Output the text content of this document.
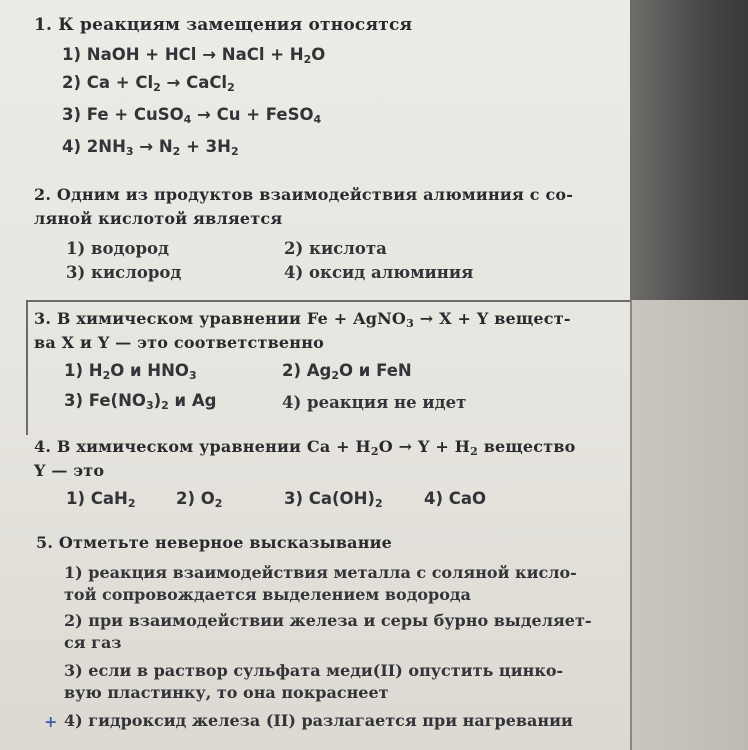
1. К реакциям замещения относятся
1) NaOH + HCl → NaCl + $H_2O$
2) $Ca + Cl_2$ → CaCl$_2$
3) Fe + CuSO$_4$ → Cu + FeSO$_4$
4) $2NH_3 \to N_2 + 3H_2$
2. Одним из продуктов взаимодействия алюминия с со-
ляной кислотой является
1) водород	2) кислота
3) кислород	4) оксид алюминия
3. В химическом уравнении Fe + AgNO$_3$ → X + Y вещест-
ва X и Y — это соответственно
1) $H_2O$ и $HNO_3$	2) $Ag_2O$ и FeN
3) $Fe(NO_3)_2$ и Ag	4) реакция не идет
4. В химическом уравнении $Ca + H_2O \to Y + H_2$ вещество
Y — это
1) CaH$_2$ 2) $O_2$	3) $Ca(OH)_2$	4) CaO
5. Отметьте неверное высказывание
1) реакция взаимодействия металла с соляной кисло-
той сопровождается выделением водорода
2) при взаимодействии железа и серы бурно выделяет-
ся газ
3) если в раствор сульфата меди(II) опустить цинко-
вую пластинку, то она покраснеет
4) гидроксид железа (II) разлагается при нагревании
+
